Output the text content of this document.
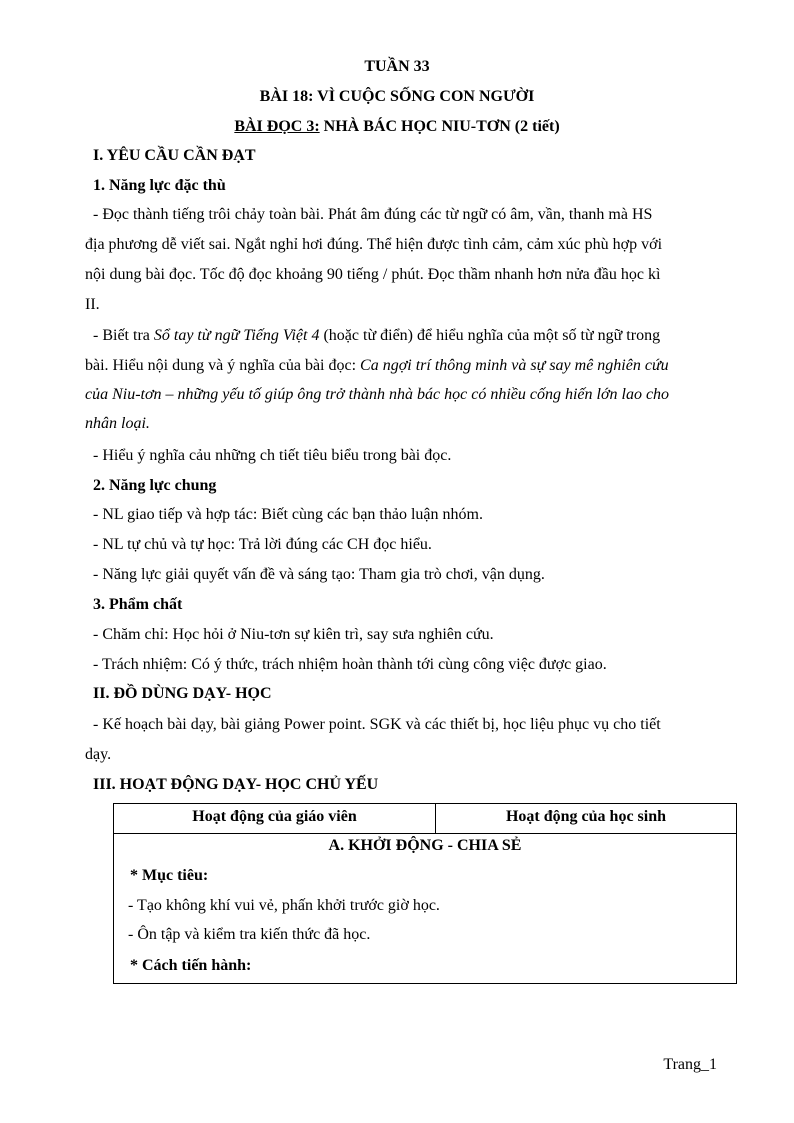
TUẦN 33
BÀI 18: VÌ CUỘC SỐNG CON NGƯỜI
BÀI ĐỌC 3: NHÀ BÁC HỌC NIU-TƠN (2 tiết)
I. YÊU CẦU CẦN ĐẠT
1. Năng lực đặc thù
- Đọc thành tiếng trôi chảy toàn bài. Phát âm đúng các từ ngữ có âm, vần, thanh mà HS
địa phương dễ viết sai. Ngắt nghỉ hơi đúng. Thể hiện được tình cảm, cảm xúc phù hợp với
nội dung bài đọc. Tốc độ đọc khoảng 90 tiếng / phút. Đọc thầm nhanh hơn nửa đầu học kì
II.
- Biết tra Sổ tay từ ngữ Tiếng Việt 4 (hoặc từ điển) để hiểu nghĩa của một số từ ngữ trong
bài. Hiểu nội dung và ý nghĩa của bài đọc: Ca ngợi trí thông minh và sự say mê nghiên cứu
của Niu-tơn – những yếu tố giúp ông trở thành nhà bác học có nhiều cống hiến lớn lao cho
nhân loại.
- Hiểu ý nghĩa cảu những ch tiết tiêu biểu trong bài đọc.
2. Năng lực chung
- NL giao tiếp và hợp tác: Biết cùng các bạn thảo luận nhóm.
- NL tự chủ và tự học: Trả lời đúng các CH đọc hiểu.
- Năng lực giải quyết vấn đề và sáng tạo: Tham gia trò chơi, vận dụng.
3. Phẩm chất
- Chăm chỉ: Học hỏi ở Niu-tơn sự kiên trì, say sưa nghiên cứu.
- Trách nhiệm: Có ý thức, trách nhiệm hoàn thành tới cùng công việc được giao.
II. ĐỒ DÙNG DẠY- HỌC
- Kế hoạch bài dạy, bài giảng Power point. SGK và các thiết bị, học liệu phục vụ cho tiết
dạy.
III. HOẠT ĐỘNG DẠY- HỌC CHỦ YẾU
Hoạt động của giáo viên	Hoạt động của học sinh
A. KHỞI ĐỘNG - CHIA SẺ
* Mục tiêu:
- Tạo không khí vui vẻ, phấn khởi trước giờ học.
- Ôn tập và kiểm tra kiến thức đã học.
* Cách tiến hành:
Trang_1
